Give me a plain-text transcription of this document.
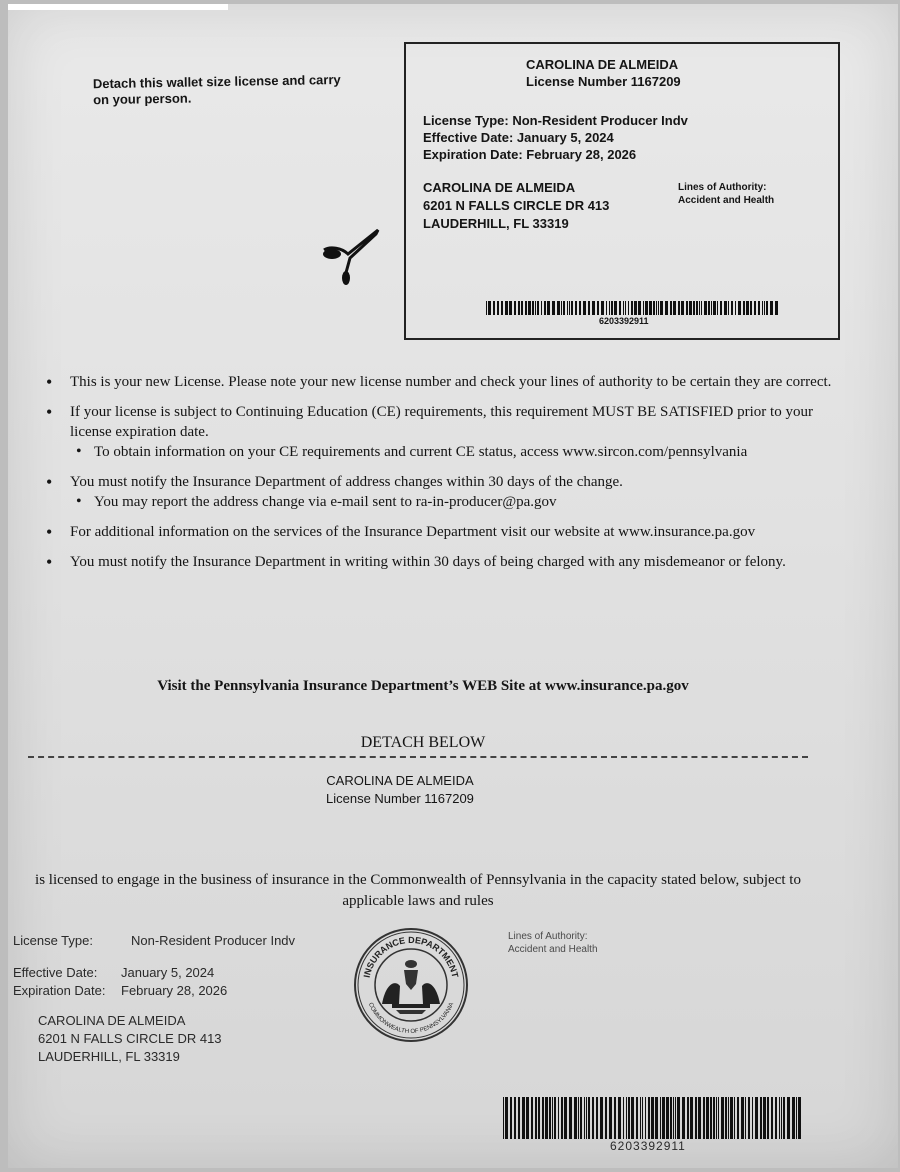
Detach this wallet size license and carry on your person.
CAROLINA DE ALMEIDA
License Number 1167209
License Type: Non-Resident Producer Indv
Effective Date: January 5, 2024
Expiration Date: February 28, 2026
CAROLINA DE ALMEIDA
6201 N FALLS CIRCLE DR 413
LAUDERHILL, FL 33319
Lines of Authority:
Accident and Health
6203392911
• This is your new License. Please note your new license number and check your lines of authority to be certain they are correct.
• If your license is subject to Continuing Education (CE) requirements, this requirement MUST BE SATISFIED prior to your license expiration date.
• To obtain information on your CE requirements and current CE status, access www.sircon.com/pennsylvania
• You must notify the Insurance Department of address changes within 30 days of the change.
• You may report the address change via e-mail sent to ra-in-producer@pa.gov
• For additional information on the services of the Insurance Department visit our website at www.insurance.pa.gov
• You must notify the Insurance Department in writing within 30 days of being charged with any misdemeanor or felony.
Visit the Pennsylvania Insurance Department’s WEB Site at www.insurance.pa.gov
DETACH BELOW
CAROLINA DE ALMEIDA
License Number 1167209
is licensed to engage in the business of insurance in the Commonwealth of Pennsylvania in the capacity stated below, subject to applicable laws and rules
License Type:	Non-Resident Producer Indv
Effective Date:	January 5, 2024
Expiration Date:	February 28, 2026
CAROLINA DE ALMEIDA
6201 N FALLS CIRCLE DR 413
LAUDERHILL, FL 33319
INSURANCE DEPARTMENT
COMMONWEALTH OF PENNSYLVANIA
Lines of Authority:
Accident and Health
6203392911
